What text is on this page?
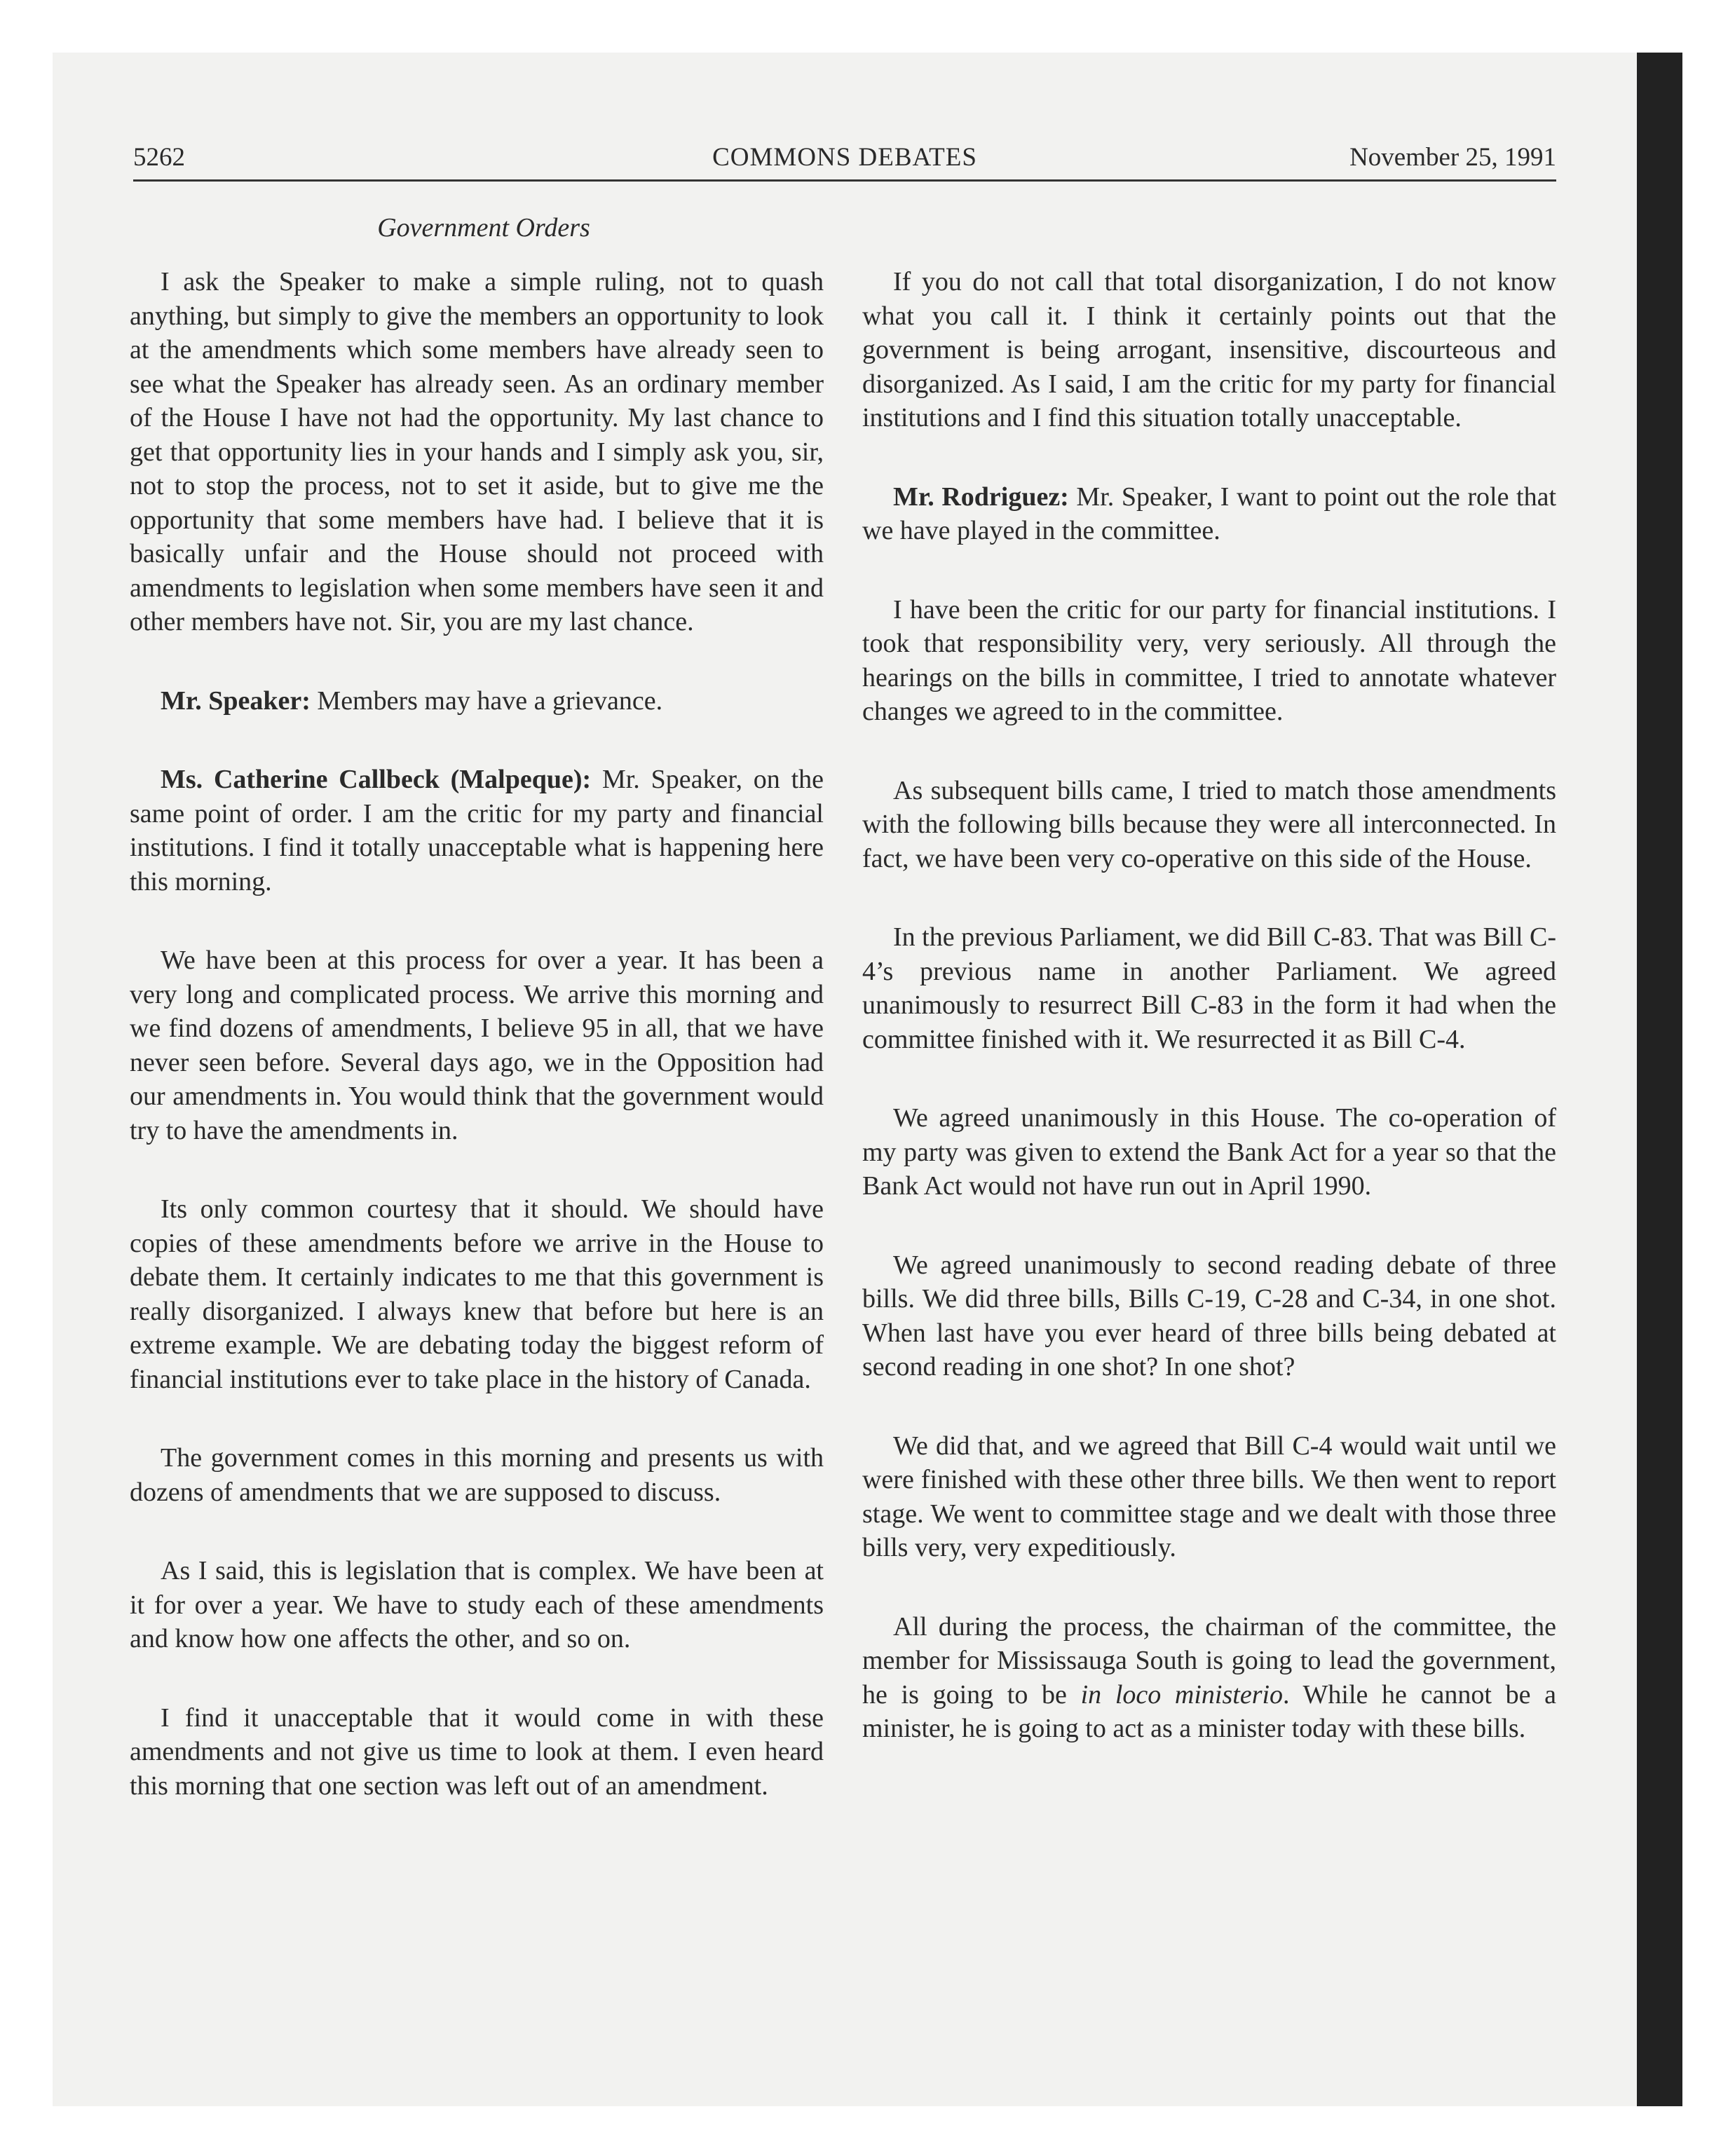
5262	COMMONS DEBATES	November 25, 1991
Government Orders

I ask the Speaker to make a simple ruling, not to quash anything, but simply to give the members an opportunity to look at the amendments which some members have already seen to see what the Speaker has already seen. As an ordinary member of the House I have not had the opportunity. My last chance to get that opportunity lies in your hands and I simply ask you, sir, not to stop the process, not to set it aside, but to give me the opportunity that some members have had. I believe that it is basically unfair and the House should not proceed with amendments to legislation when some members have seen it and other members have not. Sir, you are my last chance.

Mr. Speaker: Members may have a grievance.

Ms. Catherine Callbeck (Malpeque): Mr. Speaker, on the same point of order. I am the critic for my party and financial institutions. I find it totally unacceptable what is happening here this morning.

We have been at this process for over a year. It has been a very long and complicated process. We arrive this morning and we find dozens of amendments, I believe 95 in all, that we have never seen before. Several days ago, we in the Opposition had our amendments in. You would think that the government would try to have the amendments in.

Its only common courtesy that it should. We should have copies of these amendments before we arrive in the House to debate them. It certainly indicates to me that this government is really disorganized. I always knew that before but here is an extreme example. We are debating today the biggest reform of financial institutions ever to take place in the history of Canada.

The government comes in this morning and presents us with dozens of amendments that we are supposed to discuss.

As I said, this is legislation that is complex. We have been at it for over a year. We have to study each of these amendments and know how one affects the other, and so on.

I find it unacceptable that it would come in with these amendments and not give us time to look at them. I even heard this morning that one section was left out of an amendment.

If you do not call that total disorganization, I do not know what you call it. I think it certainly points out that the government is being arrogant, insensitive, discourteous and disorganized. As I said, I am the critic for my party for financial institutions and I find this situation totally unacceptable.

Mr. Rodriguez: Mr. Speaker, I want to point out the role that we have played in the committee.

I have been the critic for our party for financial institutions. I took that responsibility very, very seriously. All through the hearings on the bills in committee, I tried to annotate whatever changes we agreed to in the committee.

As subsequent bills came, I tried to match those amendments with the following bills because they were all interconnected. In fact, we have been very co-operative on this side of the House.

In the previous Parliament, we did Bill C-83. That was Bill C-4’s previous name in another Parliament. We agreed unanimously to resurrect Bill C-83 in the form it had when the committee finished with it. We resurrected it as Bill C-4.

We agreed unanimously in this House. The co-operation of my party was given to extend the Bank Act for a year so that the Bank Act would not have run out in April 1990.

We agreed unanimously to second reading debate of three bills. We did three bills, Bills C-19, C-28 and C-34, in one shot. When last have you ever heard of three bills being debated at second reading in one shot? In one shot?

We did that, and we agreed that Bill C-4 would wait until we were finished with these other three bills. We then went to report stage. We went to committee stage and we dealt with those three bills very, very expeditiously.

All during the process, the chairman of the committee, the member for Mississauga South is going to lead the government, he is going to be in loco ministerio. While he cannot be a minister, he is going to act as a minister today with these bills.
